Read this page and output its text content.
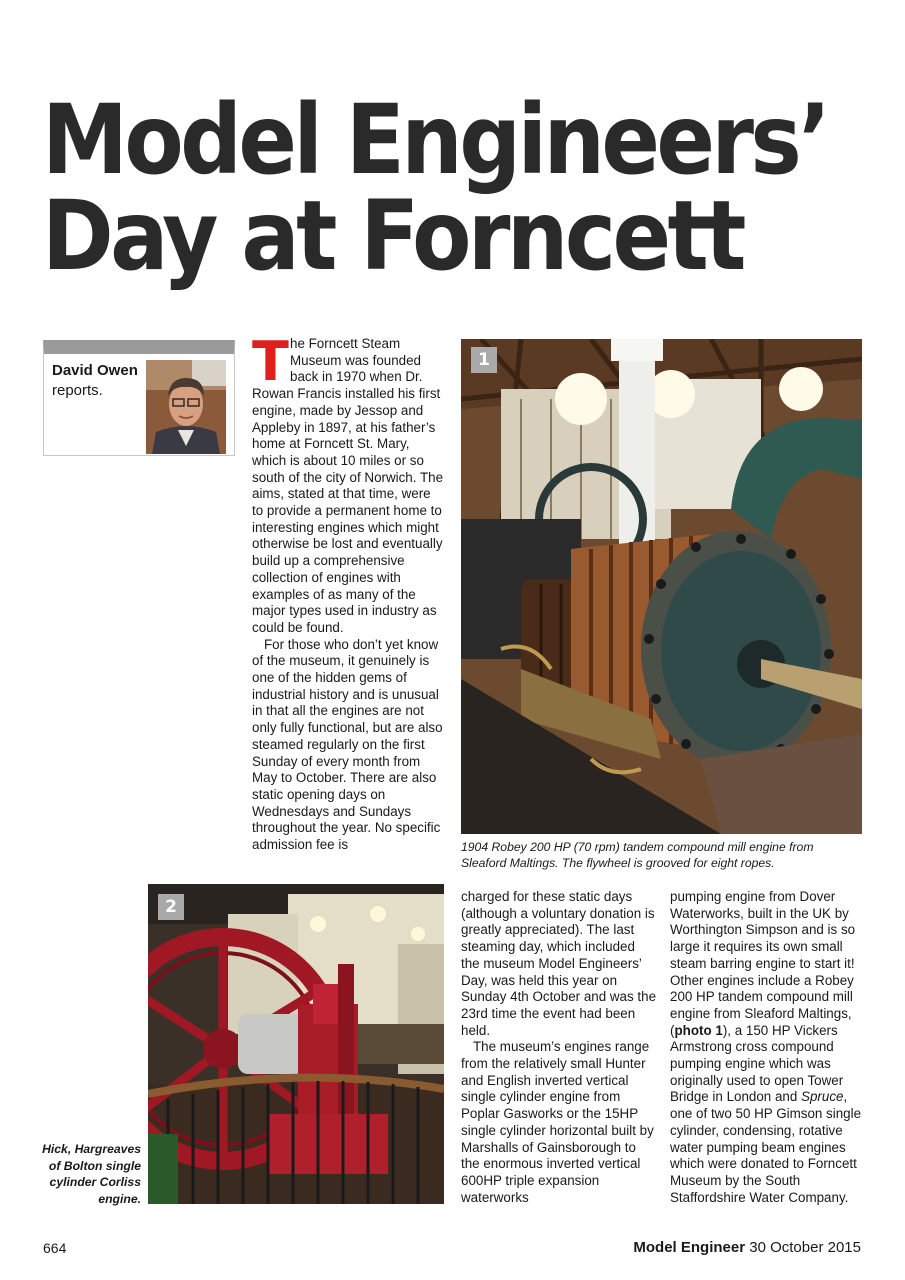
Model Engineers’
Day at Forncett
David Owen
reports.	The Forncett Steam Museum was founded back in 1970 when Dr. Rowan Francis installed his first engine, made by Jessop and Appleby in 1897, at his father’s home at Forncett St. Mary, which is about 10 miles or so south of the city of Norwich. The aims, stated at that time, were to provide a permanent home to interesting engines which might otherwise be lost and eventually build up a comprehensive collection of engines with examples of as many of the major types used in industry as could be found.

For those who don’t yet know of the museum, it genuinely is one of the hidden gems of industrial history and is unusual in that all the engines are not only fully functional, but are also steamed regularly on the first Sunday of every month from May to October. There are also static opening days on Wednesdays and Sundays throughout the year. No specific admission fee is

1
1904 Robey 200 HP (70 rpm) tandem compound mill engine from Sleaford Maltings. The flywheel is grooved for eight ropes.
2
Hick, Hargreaves of Bolton single cylinder Corliss engine.

charged for these static days (although a voluntary donation is greatly appreciated). The last steaming day, which included the museum Model Engineers’ Day, was held this year on Sunday 4th October and was the 23rd time the event had been held.

The museum’s engines range from the relatively small Hunter and English inverted vertical single cylinder engine from Poplar Gasworks or the 15HP single cylinder horizontal built by Marshalls of Gainsborough to the enormous inverted vertical 600HP triple expansion waterworks

pumping engine from Dover Waterworks, built in the UK by Worthington Simpson and is so large it requires its own small steam barring engine to start it! Other engines include a Robey 200 HP tandem compound mill engine from Sleaford Maltings, (photo 1), a 150 HP Vickers Armstrong cross compound pumping engine which was originally used to open Tower Bridge in London and Spruce, one of two 50 HP Gimson single cylinder, condensing, rotative water pumping beam engines which were donated to Forncett Museum by the South Staffordshire Water Company.

664	Model Engineer 30 October 2015
